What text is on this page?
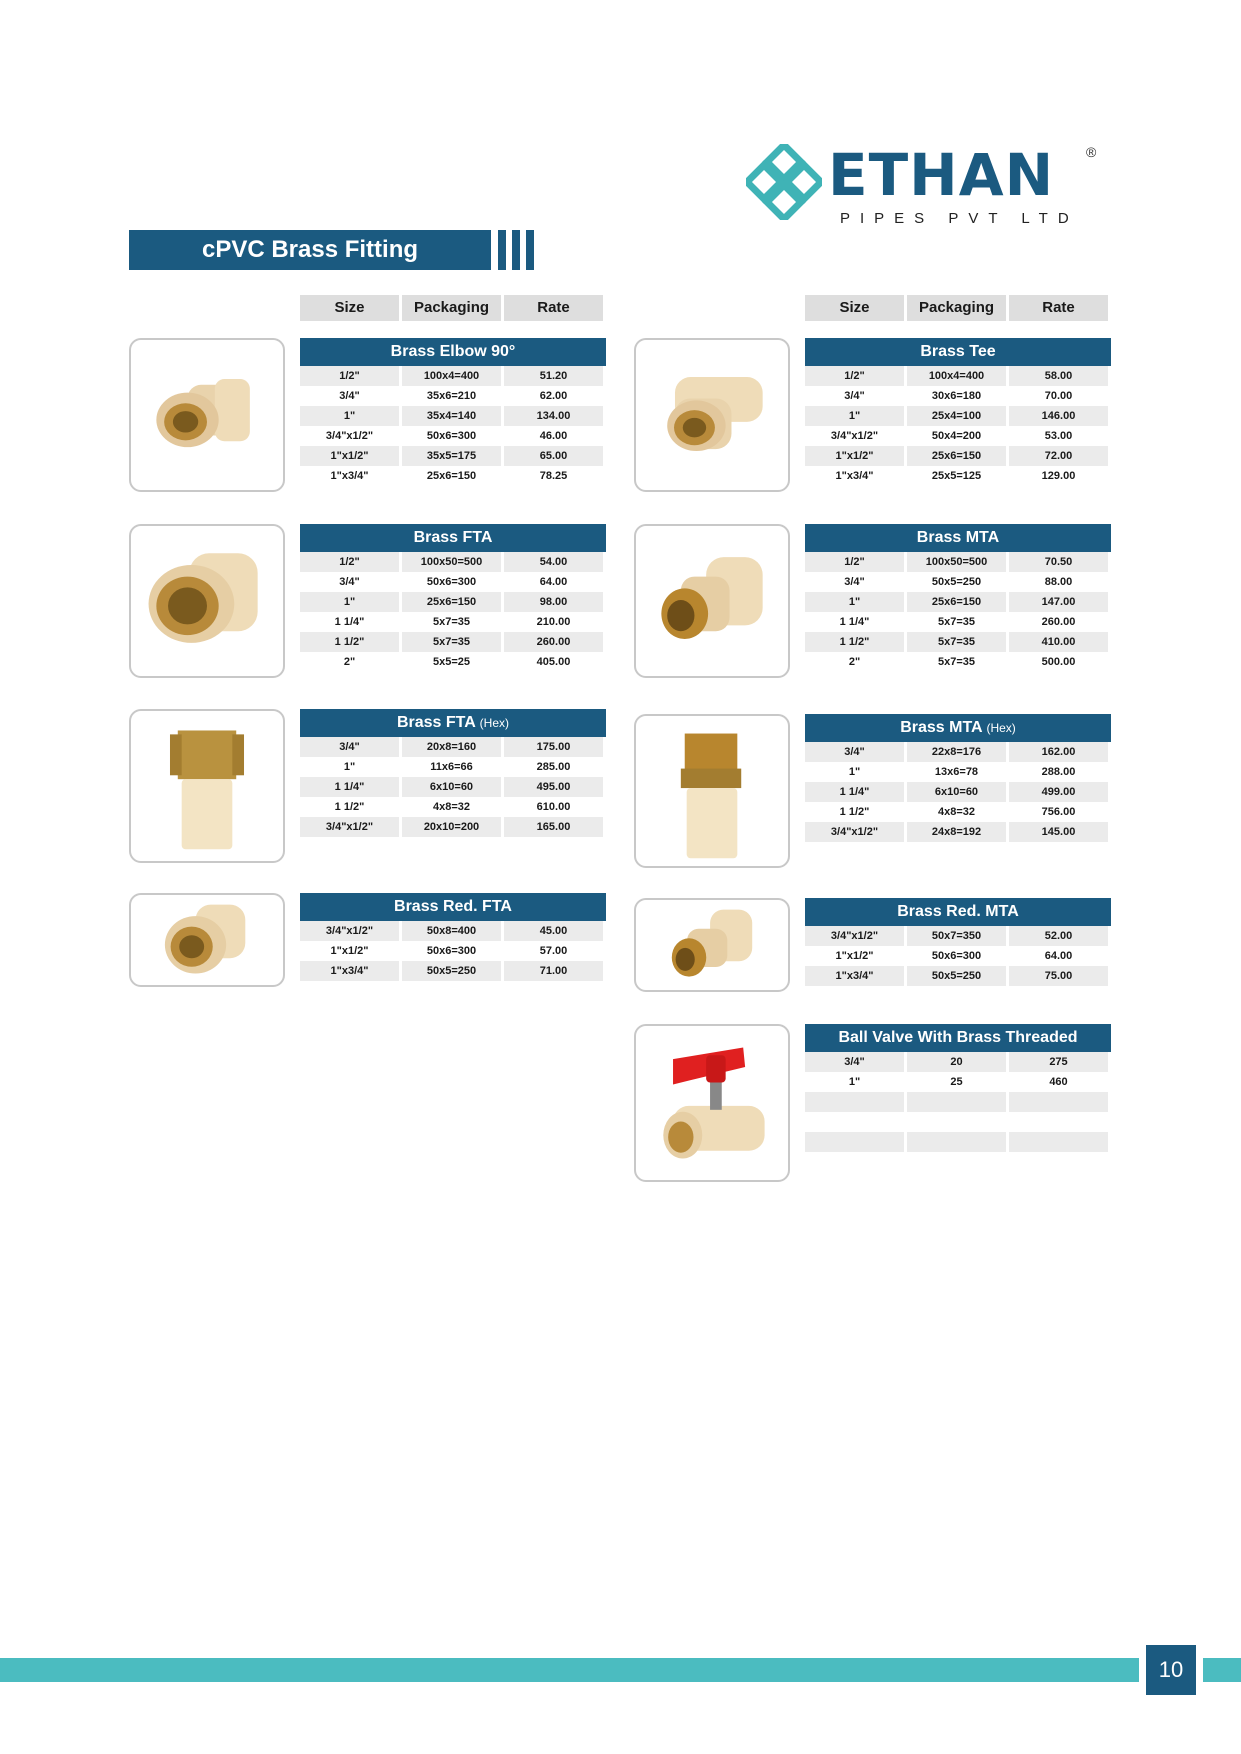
ETHAN ®
PIPES PVT LTD
cPVC Brass Fitting
Size	Packaging	Rate	Size	Packaging	Rate
Brass Elbow 90°
1/2"	100x4=400	51.20
3/4"	35x6=210	62.00
1"	35x4=140	134.00
3/4"x1/2"	50x6=300	46.00
1"x1/2"	35x5=175	65.00
1"x3/4"	25x6=150	78.25
Brass Tee
1/2"	100x4=400	58.00
3/4"	30x6=180	70.00
1"	25x4=100	146.00
3/4"x1/2"	50x4=200	53.00
1"x1/2"	25x6=150	72.00
1"x3/4"	25x5=125	129.00
Brass FTA
1/2"	100x50=500	54.00
3/4"	50x6=300	64.00
1"	25x6=150	98.00
1 1/4"	5x7=35	210.00
1 1/2"	5x7=35	260.00
2"	5x5=25	405.00
Brass MTA
1/2"	100x50=500	70.50
3/4"	50x5=250	88.00
1"	25x6=150	147.00
1 1/4"	5x7=35	260.00
1 1/2"	5x7=35	410.00
2"	5x7=35	500.00
Brass FTA (Hex)
3/4"	20x8=160	175.00
1"	11x6=66	285.00
1 1/4"	6x10=60	495.00
1 1/2"	4x8=32	610.00
3/4"x1/2"	20x10=200	165.00
Brass MTA (Hex)
3/4"	22x8=176	162.00
1"	13x6=78	288.00
1 1/4"	6x10=60	499.00
1 1/2"	4x8=32	756.00
3/4"x1/2"	24x8=192	145.00
Brass Red. FTA
3/4"x1/2"	50x8=400	45.00
1"x1/2"	50x6=300	57.00
1"x3/4"	50x5=250	71.00
Brass Red. MTA
3/4"x1/2"	50x7=350	52.00
1"x1/2"	50x6=300	64.00
1"x3/4"	50x5=250	75.00
Ball Valve With Brass Threaded
3/4"	20	275
1"	25	460
10
